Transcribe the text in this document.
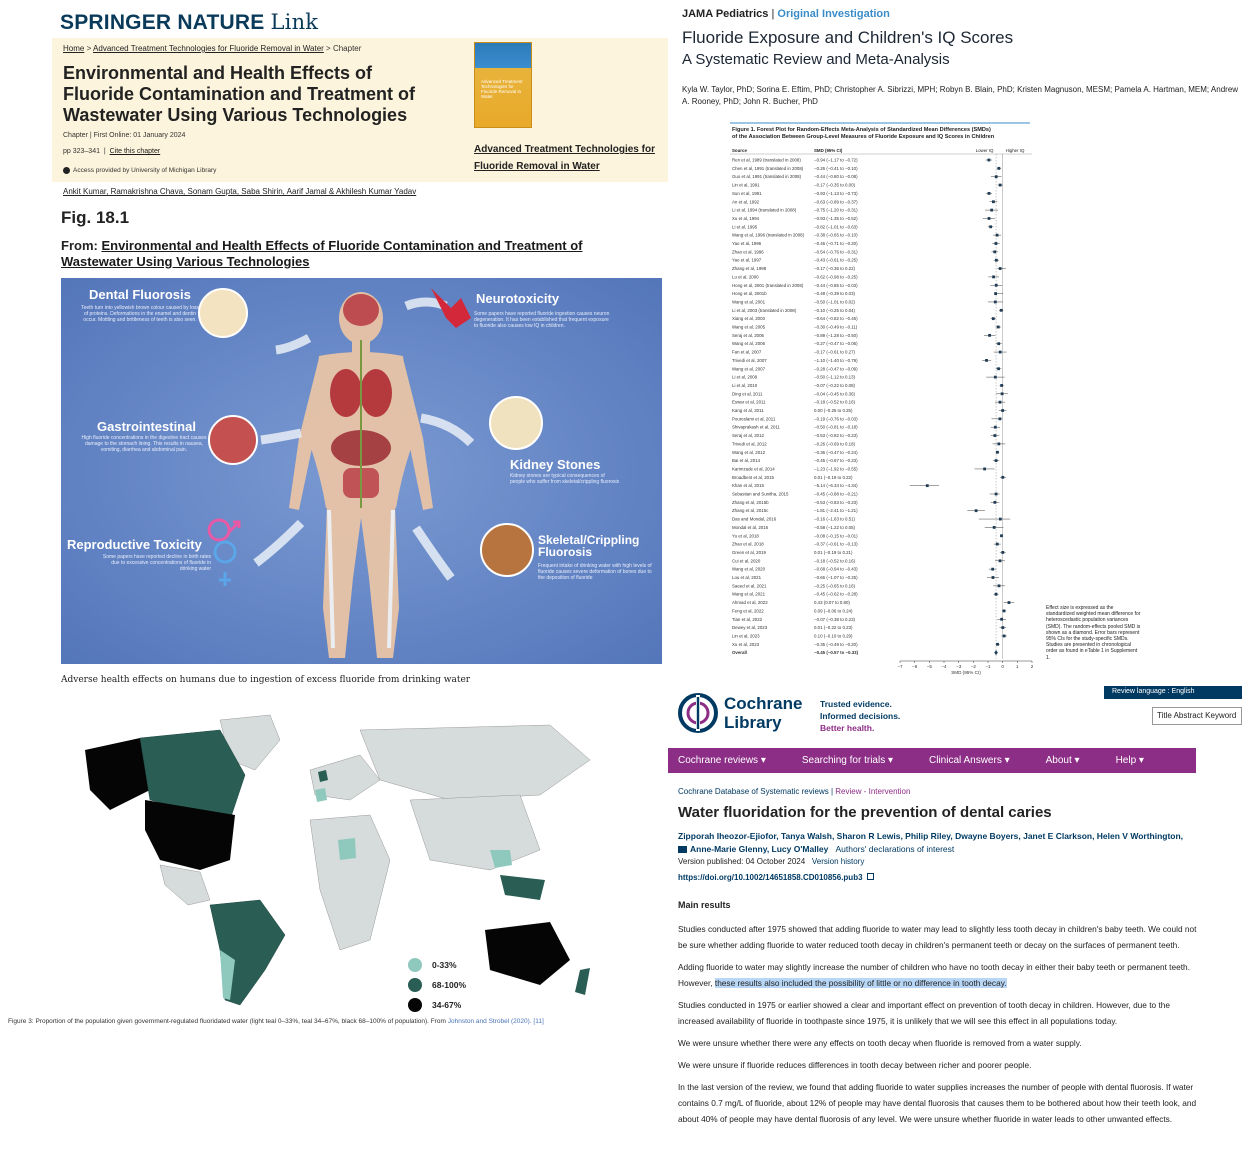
SPRINGER NATURE Link
Home > Advanced Treatment Technologies for Fluoride Removal in Water > Chapter
Environmental and Health Effects of Fluoride Contamination and Treatment of Wastewater Using Various Technologies
Chapter | First Online: 01 January 2024
pp 323–341  |  Cite this chapter
Access provided by University of Michigan Library
Advanced Treatment Technologies for Fluoride Removal in Water
Advanced Treatment Technologies for Fluoride Removal in Water
Ankit Kumar, Ramakrishna Chava, Sonam Gupta, Saba Shirin, Aarif Jamal & Akhilesh Kumar Yadav
Fig. 18.1
From: Environmental and Health Effects of Fluoride Contamination and Treatment of Wastewater Using Various Technologies
Dental Fluorosis
Teeth turn into yellowish brown colour caused by loss of proteins. Deformations in the enamel and dentin occur. Mottling and brittleness of teeth is also seen.
Neurotoxicity
Some papers have reported fluoride ingestion causes neuron degeneration. It has been established that frequent exposure to fluoride also causes low IQ in children.
Gastrointestinal
High fluoride concentrations in the digestive tract causes damage to the stomach lining. This results in nausea, vomiting, diarrhea and abdominal pain.
Kidney Stones
Kidney stones are typical consequences of people who suffer from skeletal/crippling fluorosis
Reproductive Toxicity
Some papers have reported decline in birth rates due to excessive concentrations of fluoride in drinking water
Skeletal/Crippling Fluorosis
Frequent intake of drinking water with high levels of fluoride causes severe deformation of bones due to the deposition of fluoride
Adverse health effects on humans due to ingestion of excess fluoride from drinking water
0-33%
68-100%
34-67%
Figure 3: Proportion of the population given government-regulated fluoridated water (light teal 0–33%, teal 34–67%, black 68–100% of population). From Johnston and Strobel (2020). [11]
JAMA Pediatrics | Original Investigation
Fluoride Exposure and Children's IQ Scores
A Systematic Review and Meta-Analysis
Kyla W. Taylor, PhD; Sorina E. Eftim, PhD; Christopher A. Sibrizzi, MPH; Robyn B. Blain, PhD; Kristen Magnuson, MESM; Pamela A. Hartman, MEM; Andrew A. Rooney, PhD; John R. Bucher, PhD
Figure 1. Forest Plot for Random-Effects Meta-Analysis of Standardized Mean Differences (SMDs)
of the Association Between Group-Level Measures of Fluoride Exposure and IQ Scores in Children
Source	SMD (95% CI)	Lower IQ	Higher IQ
Ren et al, 1989 (translated in 2008)	−0.94 (−1.17 to −0.72)
Chen et al, 1991 (translated in 2008) −0.26 (−0.41 to −0.10)
Guo et al, 1991 (translated in 2008)	−0.44 (−0.80 to −0.08)
Lin et al, 1991	−0.17 (−0.35 to 0.00)
Sun et al, 1991	−0.93 (−1.13 to −0.73)
An et al, 1992	−0.63 (−0.89 to −0.37)
Li et al, 1994 (translated in 2008)	−0.75 (−1.20 to −0.31)
Xu et al, 1994	−0.93 (−1.35 to −0.52)
Li et al, 1995	−0.82 (−1.01 to −0.63)
Wang et al, 1996 (translated in 2008) −0.38 (−0.65 to −0.10)
Yao et al, 1996	−0.46 (−0.71 to −0.20)
Zhao et al, 1996	−0.54 (−0.76 to −0.31)
Yao et al, 1997	−0.43 (−0.61 to −0.25)
Zhang et al, 1998	−0.17 (−0.36 to 0.22)
Lu et al, 2000	−0.62 (−0.98 to −0.25)
Hong et al, 2001 (translated in 2008) −0.44 (−0.85 to −0.03)
Hong et al, 2001b	−0.48 (−0.39 to 0.03)
Wang et al, 2001	−0.50 (−1.01 to 0.02)
Li et al, 2003 (translated in 2008)	−0.10 (−0.25 to 0.04)
Xiang et al, 2003	−0.64 (−0.82 to −0.46)
Wang et al, 2005	−0.30 (−0.49 to −0.11)
Seraj et al, 2006	−0.89 (−1.28 to −0.50)
Wang et al, 2006	−0.27 (−0.47 to −0.06)
Fan et al, 2007	−0.17 (−0.61 to 0.27)
Trivedi et al, 2007	−1.10 (−1.40 to −0.79)
Wang et al, 2007	−0.28 (−0.47 to −0.09)
Li et al, 2009	−0.50 (−1.12 to 0.13)
Li et al, 2010	−0.07 (−0.22 to 0.08)
Ding et al, 2011	−0.04 (−0.45 to 0.36)
Eswar et al, 2011	−0.18 (−0.52 to 0.16)
Kang et al, 2011	0.00 (−0.25 to 0.25)
Poureslami et al, 2011	−0.19 (−0.76 to −0.03)
Shivaprakash et al, 2011	−0.50 (−0.81 to −0.18)
Seraj et al, 2012	−0.53 (−0.82 to −0.23)
Trivedi et al, 2012	−0.26 (−0.69 to 0.18)
Wang et al, 2012	−0.36 (−0.47 to −0.24)
Bai et al, 2014	−0.45 (−0.67 to −0.23)
Karimzade et al, 2014	−1.23 (−1.92 to −0.55)
Broadbent et al, 2015	0.01 (−0.19 to 0.22)
Khan et al, 2015	−5.14 (−6.34 to −4.34)
Sebastian and Sunitha, 2015	−0.45 (−0.88 to −0.21)
Zhang et al, 2015b	−0.53 (−0.83 to −0.23)
Zhang et al, 2015c	−1.81 (−2.41 to −1.21)
Das and Mondal, 2016	−0.16 (−1.63 to 0.51)
Mondal et al, 2016	−0.58 (−1.22 to 0.05)
Yu et al, 2018	−0.08 (−0.15 to −0.01)
Zhao et al, 2018	−0.37 (−0.61 to −0.13)
Green et al, 2019	0.01 (−0.19 to 0.21)
Cui et al, 2020	−0.18 (−0.52 to 0.16)
Wang et al, 2020	−0.68 (−0.94 to −0.43)
Lou et al, 2021	−0.66 (−1.07 to −0.25)
Saeed et al, 2021	−0.25 (−0.65 to 0.16)
Wang et al, 2021	−0.45 (−0.62 to −0.28)
Ahmad et al, 2022	0.43 (0.07 to 0.80)
Feng et al, 2022	0.09 (−0.06 to 0.24)
Tian et al, 2022	−0.07 (−0.38 to 0.23)
Dewey et al, 2023	0.01 (−0.22 to 0.23)
Lin et al, 2023	0.10 (−0.10 to 0.29)
Xu et al, 2023	−0.35 (−0.49 to −0.20)
Overall	−0.45 (−0.57 to −0.33)
−7 −6 −5 −4 −3 −2 −1 0	1	2
SMD (95% CI)
Effect size is expressed as the standardized weighted mean difference for heteroscedastic population variances (SMD). The random-effects pooled SMD is shown as a diamond. Error bars represent 95% CIs for the study-specific SMDs. Studies are presented in chronological order as found in eTable 1 in Supplement 1.
Review language : English
Cochrane
Library
Trusted evidence.
Informed decisions.
Better health.
Title Abstract Keyword
Cochrane reviews ▾	Searching for trials ▾	Clinical Answers ▾	About ▾	Help ▾
Cochrane Database of Systematic reviews | Review - Intervention
Water fluoridation for the prevention of dental caries
Zipporah Iheozor-Ejiofor, Tanya Walsh, Sharon R Lewis, Philip Riley, Dwayne Boyers, Janet E Clarkson, Helen V Worthington,
Anne-Marie Glenny, Lucy O'Malley Authors' declarations of interest
Version published: 04 October 2024 Version history
https://doi.org/10.1002/14651858.CD010856.pub3
Main results

Studies conducted after 1975 showed that adding fluoride to water may lead to slightly less tooth decay in children's baby teeth. We could not be sure whether adding fluoride to water reduced tooth decay in children's permanent teeth or decay on the surfaces of permanent teeth.

Adding fluoride to water may slightly increase the number of children who have no tooth decay in either their baby teeth or permanent teeth. However, these results also included the possibility of little or no difference in tooth decay.

Studies conducted in 1975 or earlier showed a clear and important effect on prevention of tooth decay in children. However, due to the increased availability of fluoride in toothpaste since 1975, it is unlikely that we will see this effect in all populations today.

We were unsure whether there were any effects on tooth decay when fluoride is removed from a water supply.

We were unsure if fluoride reduces differences in tooth decay between richer and poorer people.

In the last version of the review, we found that adding fluoride to water supplies increases the number of people with dental fluorosis. If water contains 0.7 mg/L of fluoride, about 12% of people may have dental fluorosis that causes them to be bothered about how their teeth look, and about 40% of people may have dental fluorosis of any level. We were unsure whether fluoride in water leads to other unwanted effects.
